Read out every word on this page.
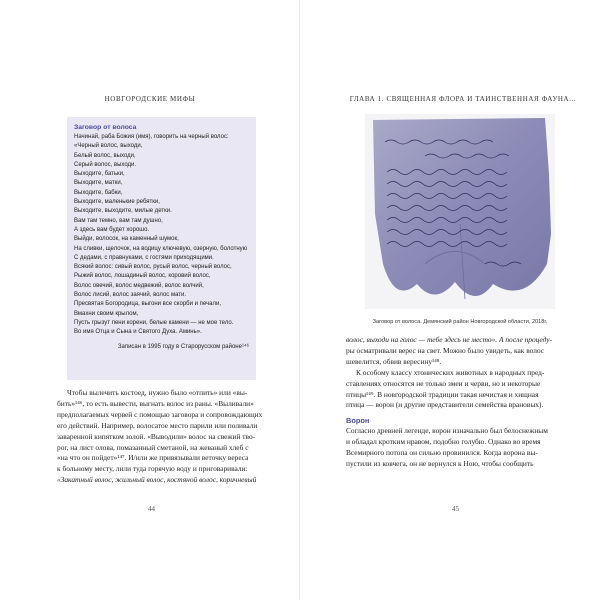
НОВГОРОДСКИЕ МИФЫ
Заговор от волоса
Начинай, раба Божия (имя), говорить на черный волос:
«Черный волос, выходи,
Белый волос, выходи,
Серый волос, выходи.
Выходите, батьки,
Выходите, матки,
Выходите, бабки,
Выходите, маленькие ребятки,
Выходите, выходите, милые детки.
Вам там темно, вам там душно,
А здесь вам будет хорошо.
Выйди, волосок, на каменный шумок,
На сливки, щелочок, на водицу ключевую, озерную, болотную
С дедами, с правнуками, с гостями приходящими.
Всякий волос: сивый волос, русый волос, черный волос,
Рыжий волос, лошадиный волос, коровий волос,
Волос овечий, волос медвежий, волос волчий,
Волос лисий, волос заячий, волос мати.
Пресвятая Богородица, выгони все скорби и печали,
Вмахни своим крылом,
Пусть грызут пени корени, белые камени — не мое тело.
Во имя Отца и Сына и Святого Духа. Аминь».
Записан в 1995 году в Старорусском районе¹⁴⁶
Чтобы вылечить костоед, нужно было «отпить» или «вы-
бить»¹⁴⁶, то есть вывести, выгнать волос из раны. «Выливали»
предполагаемых червей с помощью заговора и сопровождающих
его действий. Например, волосатое место парили или поливали
заваренной кипятком золой. «Выводили» волос на свежий тво-
рог, на лист олова, помазанный сметаной, на жеваный хлеб с
«на что он пойдет»¹⁴⁷. И/или же привязывали веточку вереса
к больному месту, лили туда горячую воду и приговаривали:
«Закатный волос, жильный волос, костяной волос, коричневый
44
ГЛАВА 1. СВЯЩЕННАЯ ФЛОРА И ТАИНСТВЕННАЯ ФАУНА...
Заговор от волоса. Демянский район Новгородской области, 2018г.
волос, выходи на голос — тебе здесь не место». А после процеду-
ры осматривали верес на свет. Можно было увидеть, как волос
шевелится, обвив вересину¹⁴⁸.
К особому классу хтонических животных в народных пред-
ставлениях относятся не только змеи и черви, но и некоторые
птицы¹⁴⁹. В новгородской традиции такая нечистая и хищная
птица — ворон (и другие представители семейства врановых).
Ворон
Согласно древней легенде, ворон изначально был белоснежным
и обладал кротким нравом, подобно голубю. Однако во время
Всемирного потопа он сильно провинился. Когда ворона вы-
пустили из ковчега, он не вернулся к Ною, чтобы сообщить
45
